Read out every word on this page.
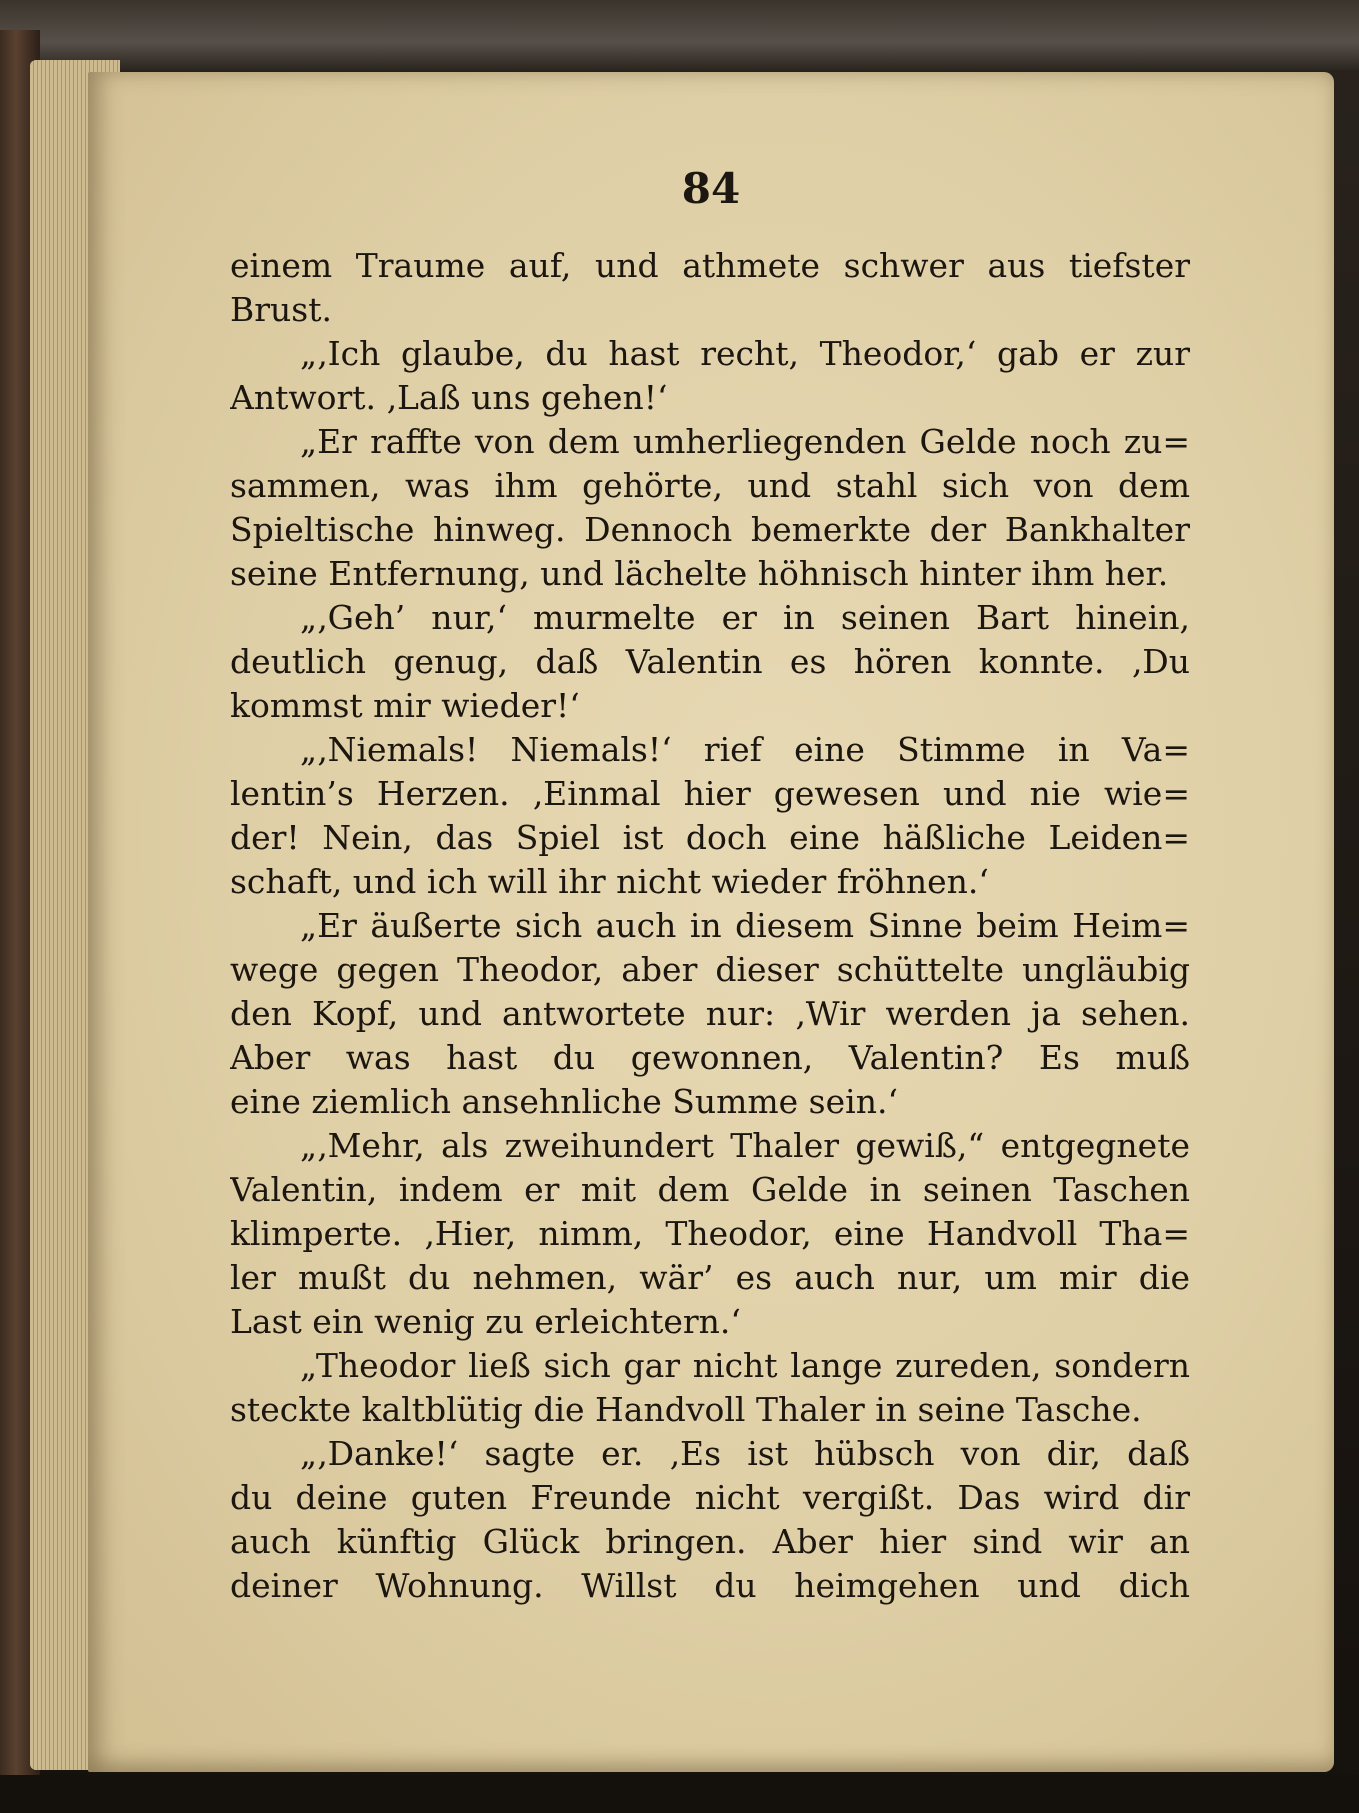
84
einem Traume auf, und athmete schwer aus tiefster
Brust.
„‚Ich glaube, du hast recht, Theodor,‘ gab er zur
Antwort. ‚Laß uns gehen!‘
„Er raffte von dem umherliegenden Gelde noch zu=
sammen, was ihm gehörte, und stahl sich von dem
Spieltische hinweg. Dennoch bemerkte der Bankhalter
seine Entfernung, und lächelte höhnisch hinter ihm her.
„‚Geh’ nur,‘ murmelte er in seinen Bart hinein,
deutlich genug, daß Valentin es hören konnte. ‚Du
kommst mir wieder!‘
„‚Niemals! Niemals!‘ rief eine Stimme in Va=
lentin’s Herzen. ‚Einmal hier gewesen und nie wie=
der! Nein, das Spiel ist doch eine häßliche Leiden=
schaft, und ich will ihr nicht wieder fröhnen.‘
„Er äußerte sich auch in diesem Sinne beim Heim=
wege gegen Theodor, aber dieser schüttelte ungläubig
den Kopf, und antwortete nur: ‚Wir werden ja sehen.
Aber was hast du gewonnen, Valentin? Es muß
eine ziemlich ansehnliche Summe sein.‘
„‚Mehr, als zweihundert Thaler gewiß,“ entgegnete
Valentin, indem er mit dem Gelde in seinen Taschen
klimperte. ‚Hier, nimm, Theodor, eine Handvoll Tha=
ler mußt du nehmen, wär’ es auch nur, um mir die
Last ein wenig zu erleichtern.‘
„Theodor ließ sich gar nicht lange zureden, sondern
steckte kaltblütig die Handvoll Thaler in seine Tasche.
„‚Danke!‘ sagte er. ‚Es ist hübsch von dir, daß
du deine guten Freunde nicht vergißt. Das wird dir
auch künftig Glück bringen. Aber hier sind wir an
deiner Wohnung. Willst du heimgehen und dich
